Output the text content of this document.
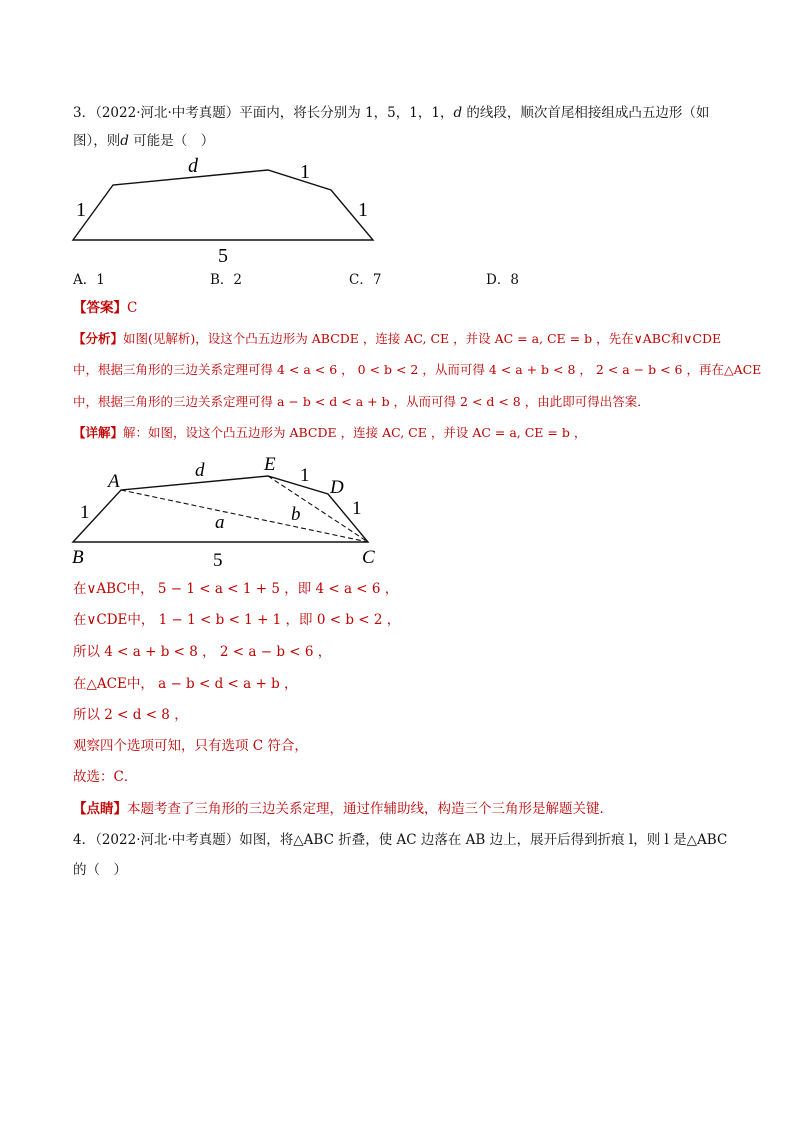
3．（2022·河北·中考真题）平面内，将长分别为 1，5，1，1，d 的线段，顺次首尾相接组成凸五边形（如
图），则d 可能是（　）
d
1
1
1
5
A
B	C
D
E
d
1
1
1
5
a	b
A．1	B．2	C．7	D．8
【答案】C
【分析】如图(见解析)，设这个凸五边形为 ABCDE ，连接 AC, CE ，并设 AC = a, CE = b ，先在∨ABC和∨CDE
中，根据三角形的三边关系定理可得 4 < a < 6 ， 0 < b < 2 ，从而可得 4 < a + b < 8 ， 2 < a − b < 6 ，再在△ACE
中，根据三角形的三边关系定理可得 a − b < d < a + b ，从而可得 2 < d < 8 ，由此即可得出答案．
【详解】解：如图，设这个凸五边形为 ABCDE ，连接 AC, CE ，并设 AC = a, CE = b ，
在∨ABC中， 5 − 1 < a < 1 + 5 ，即 4 < a < 6 ，
在∨CDE中， 1 − 1 < b < 1 + 1 ，即 0 < b < 2 ，
所以 4 < a + b < 8 ， 2 < a − b < 6 ，
在△ACE中， a − b < d < a + b ，
所以 2 < d < 8 ，
观察四个选项可知，只有选项 C 符合，
故选：C．
【点睛】本题考查了三角形的三边关系定理，通过作辅助线，构造三个三角形是解题关键．
4．（2022·河北·中考真题）如图，将△ABC 折叠，使 AC 边落在 AB 边上，展开后得到折痕 l，则 l 是△ABC
的（　）
